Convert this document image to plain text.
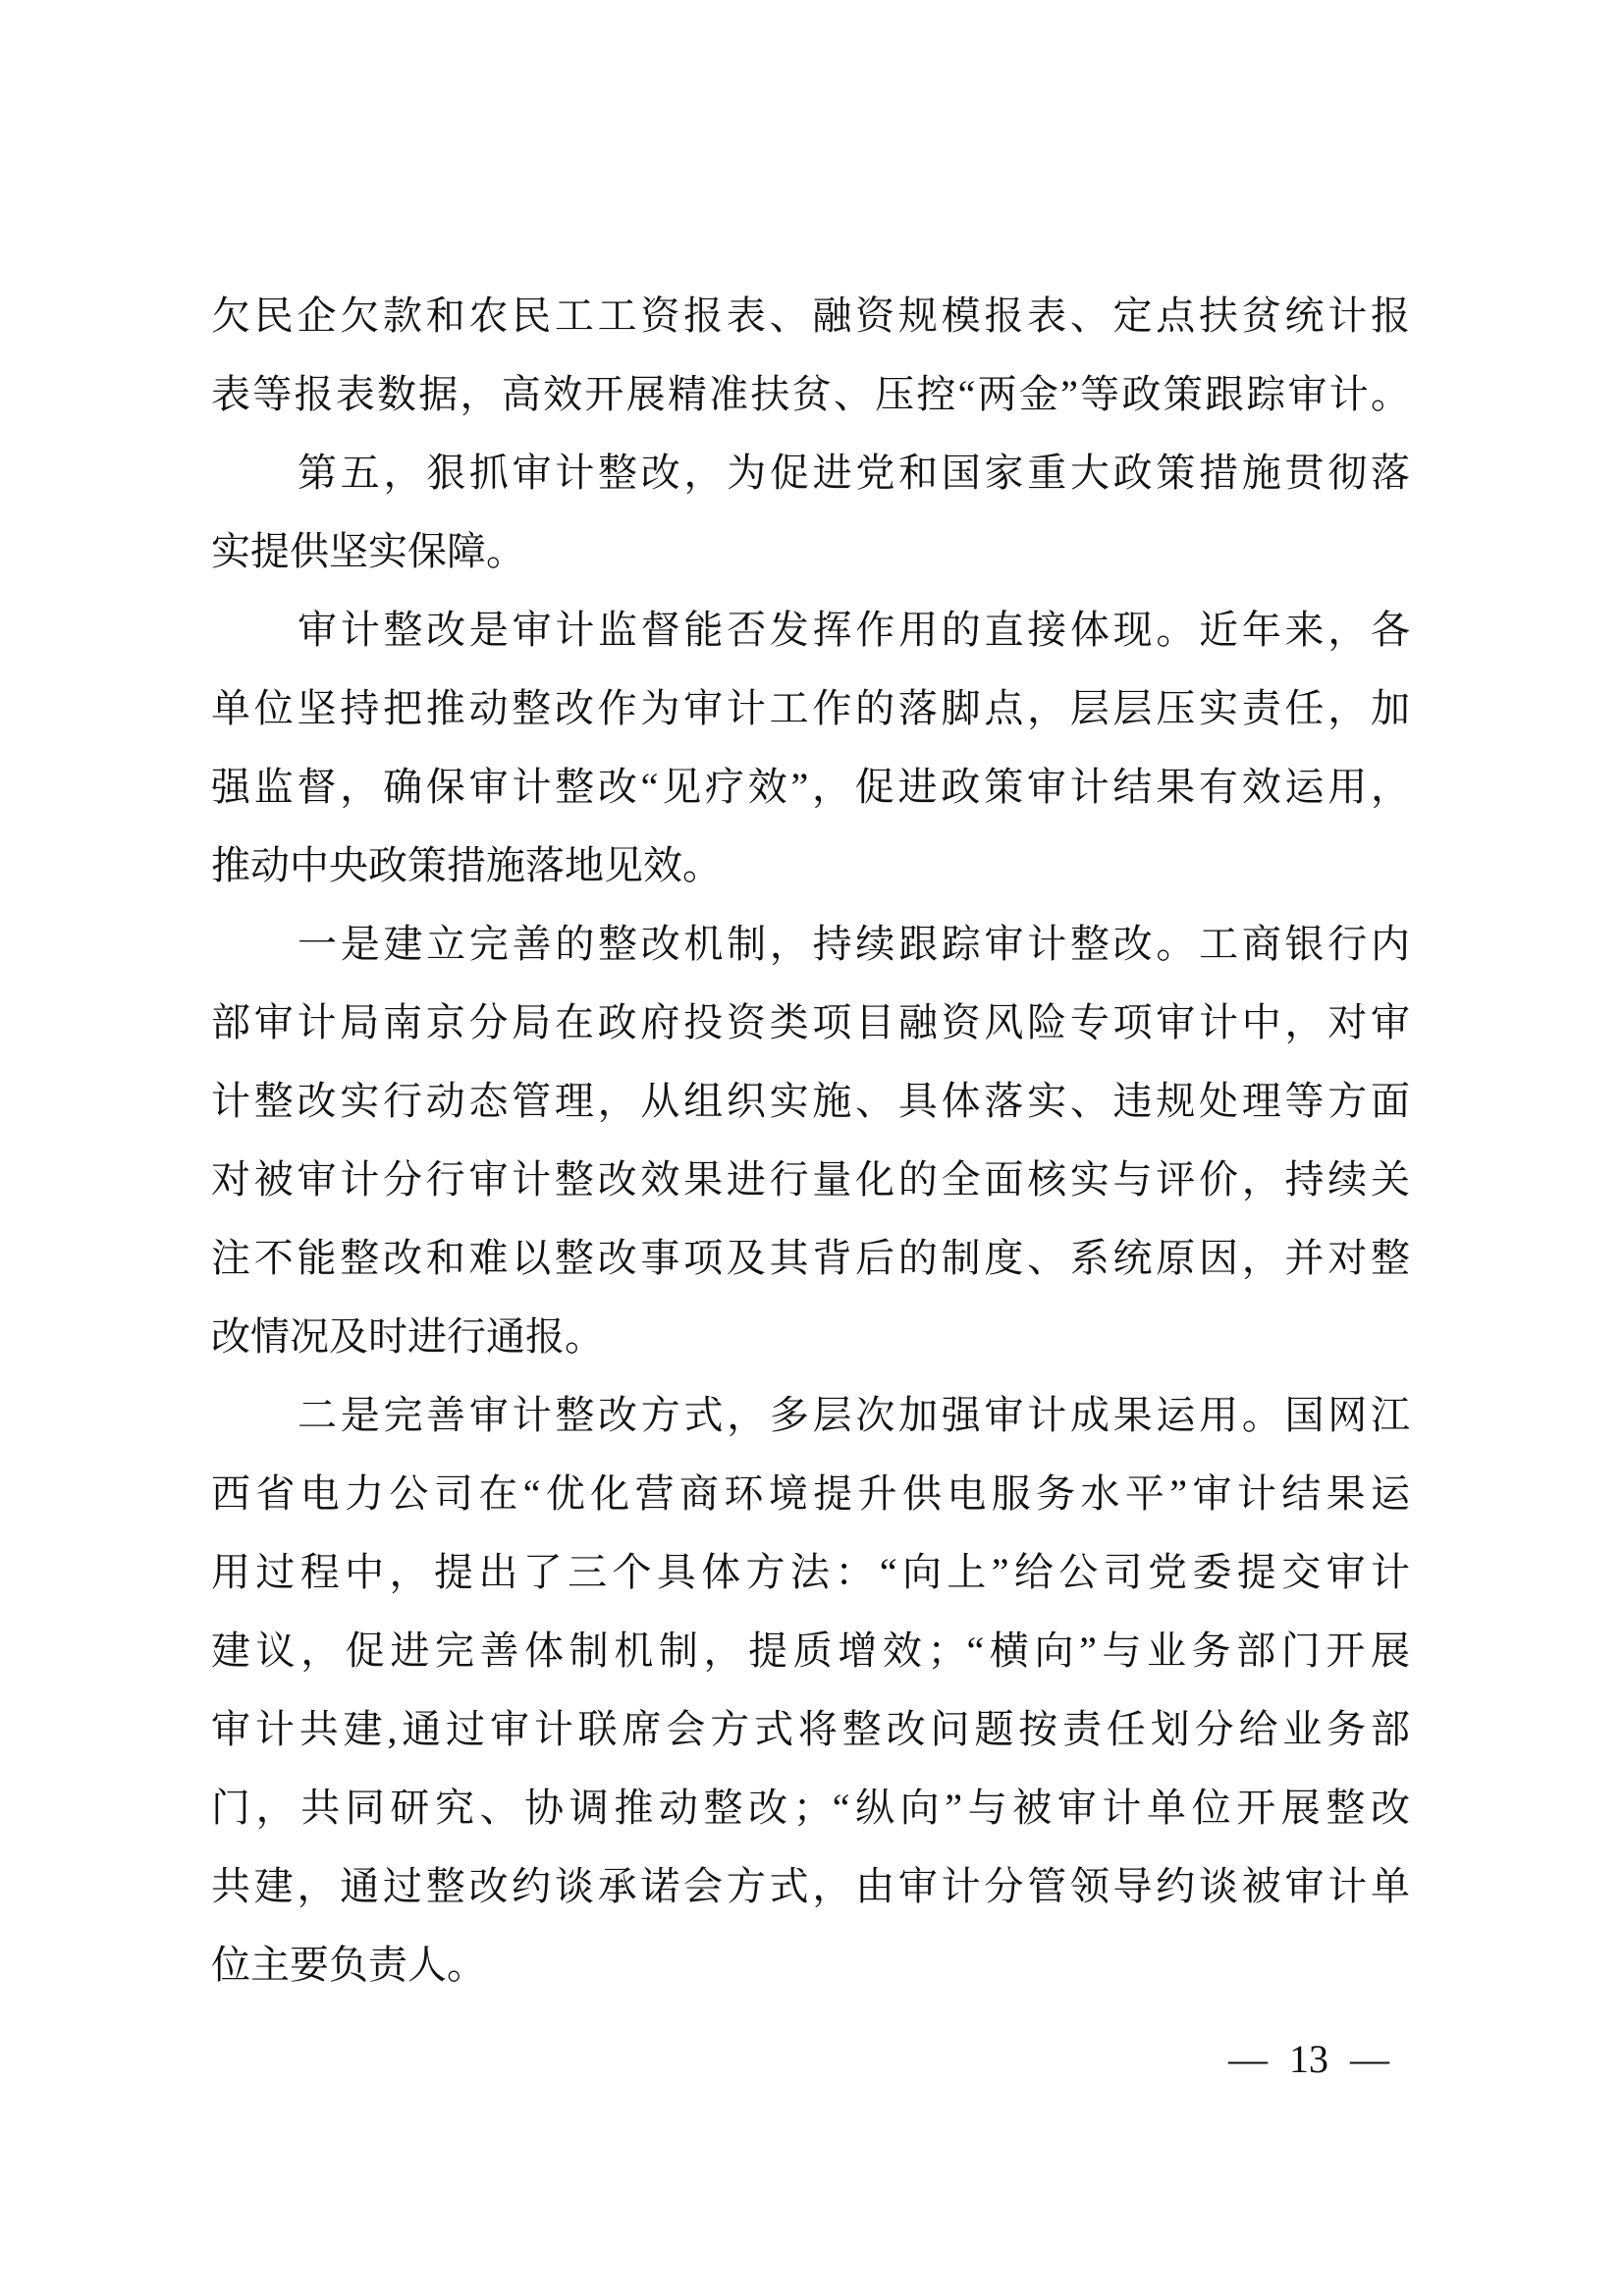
欠民企欠款和农民工工资报表、融资规模报表、定点扶贫统计报
表等报表数据，高效开展精准扶贫、压控“两金”等政策跟踪审计。
第五，狠抓审计整改，为促进党和国家重大政策措施贯彻落
实提供坚实保障。
审计整改是审计监督能否发挥作用的直接体现。近年来，各
单位坚持把推动整改作为审计工作的落脚点，层层压实责任，加
强监督，确保审计整改“见疗效”，促进政策审计结果有效运用，
推动中央政策措施落地见效。
一是建立完善的整改机制，持续跟踪审计整改。工商银行内
部审计局南京分局在政府投资类项目融资风险专项审计中，对审
计整改实行动态管理，从组织实施、具体落实、违规处理等方面
对被审计分行审计整改效果进行量化的全面核实与评价，持续关
注不能整改和难以整改事项及其背后的制度、系统原因，并对整
改情况及时进行通报。
二是完善审计整改方式，多层次加强审计成果运用。国网江
西省电力公司在“优化营商环境提升供电服务水平”审计结果运
用过程中，提出了三个具体方法：“向上”给公司党委提交审计
建议，促进完善体制机制，提质增效；“横向”与业务部门开展
审计共建,通过审计联席会方式将整改问题按责任划分给业务部
门，共同研究、协调推动整改；“纵向”与被审计单位开展整改
共建，通过整改约谈承诺会方式，由审计分管领导约谈被审计单
位主要负责人。
— 13 —
